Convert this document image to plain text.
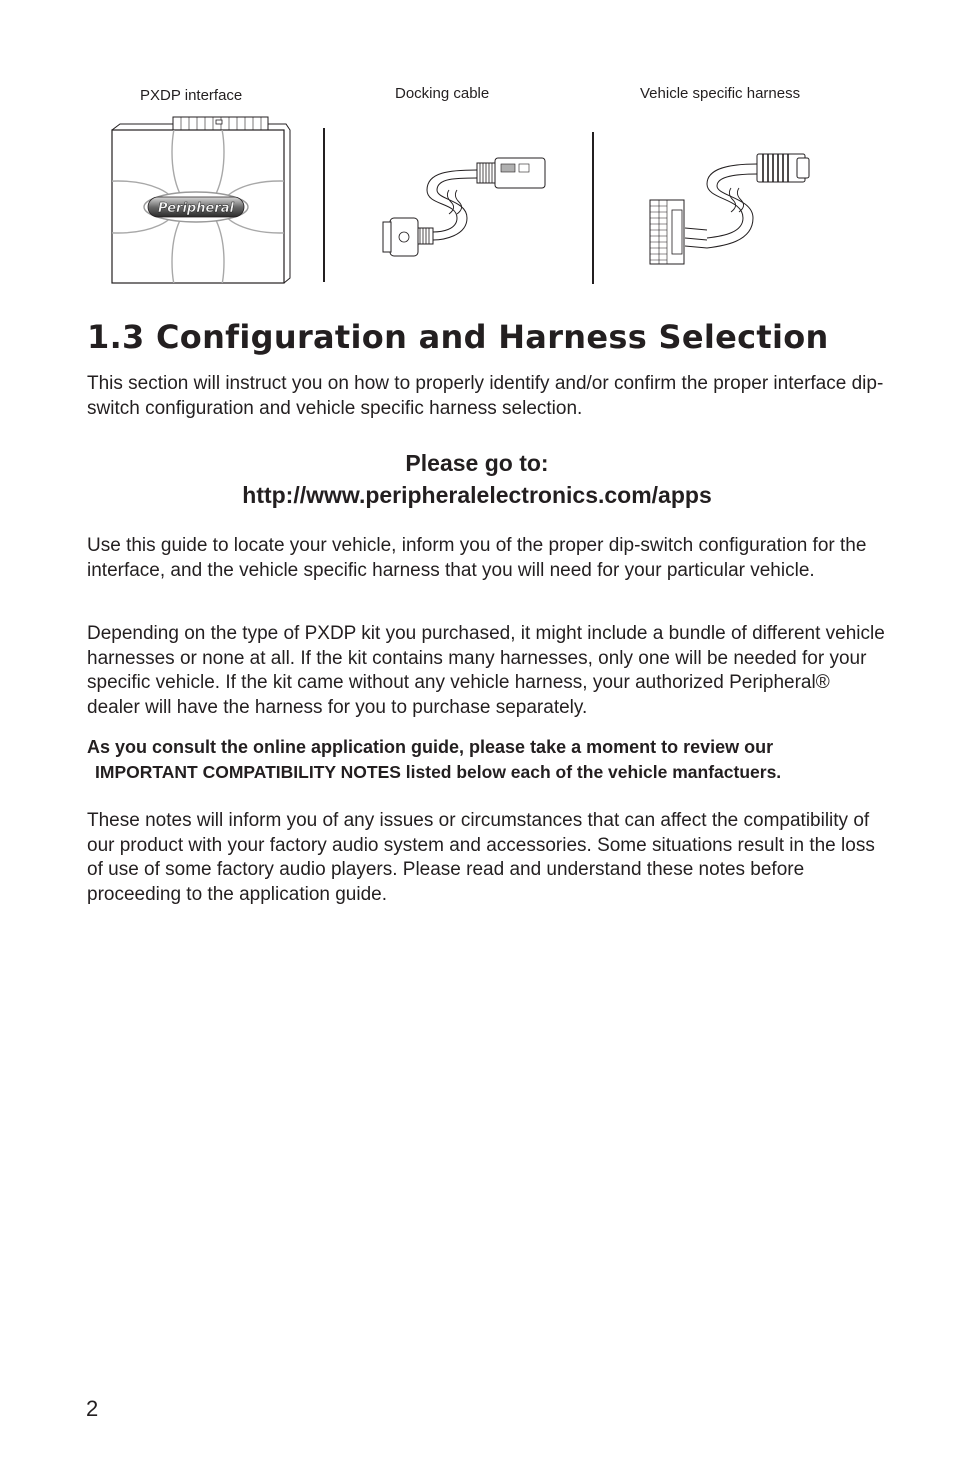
PXDP interface	Docking cable	Vehicle specific harness
Peripheral
1.3 Configuration and Harness Selection

This section will instruct you on how to properly identify and/or confirm the proper interface dip-switch configuration and vehicle specific harness selection.

Please go to:

http://www.peripheralelectronics.com/apps

Use this guide to locate your vehicle, inform you of the proper dip-switch configuration for the interface, and the vehicle specific harness that you will need for your particular vehicle.

Depending on the type of PXDP kit you purchased, it might include a bundle of different vehicle harnesses or none at all. If the kit contains many harnesses, only one will be needed for your specific vehicle. If the kit came without any vehicle harness, your authorized Peripheral® dealer will have the harness for you to purchase separately.

As you consult the online application guide, please take a moment to review our
IMPORTANT COMPATIBILITY NOTES listed below each of the vehicle manfactuers.

These notes will inform you of any issues or circumstances that can affect the compatibility of our product with your factory audio system and accessories. Some situations result in the loss of use of some factory audio players. Please read and understand these notes before proceeding to the application guide.

2
